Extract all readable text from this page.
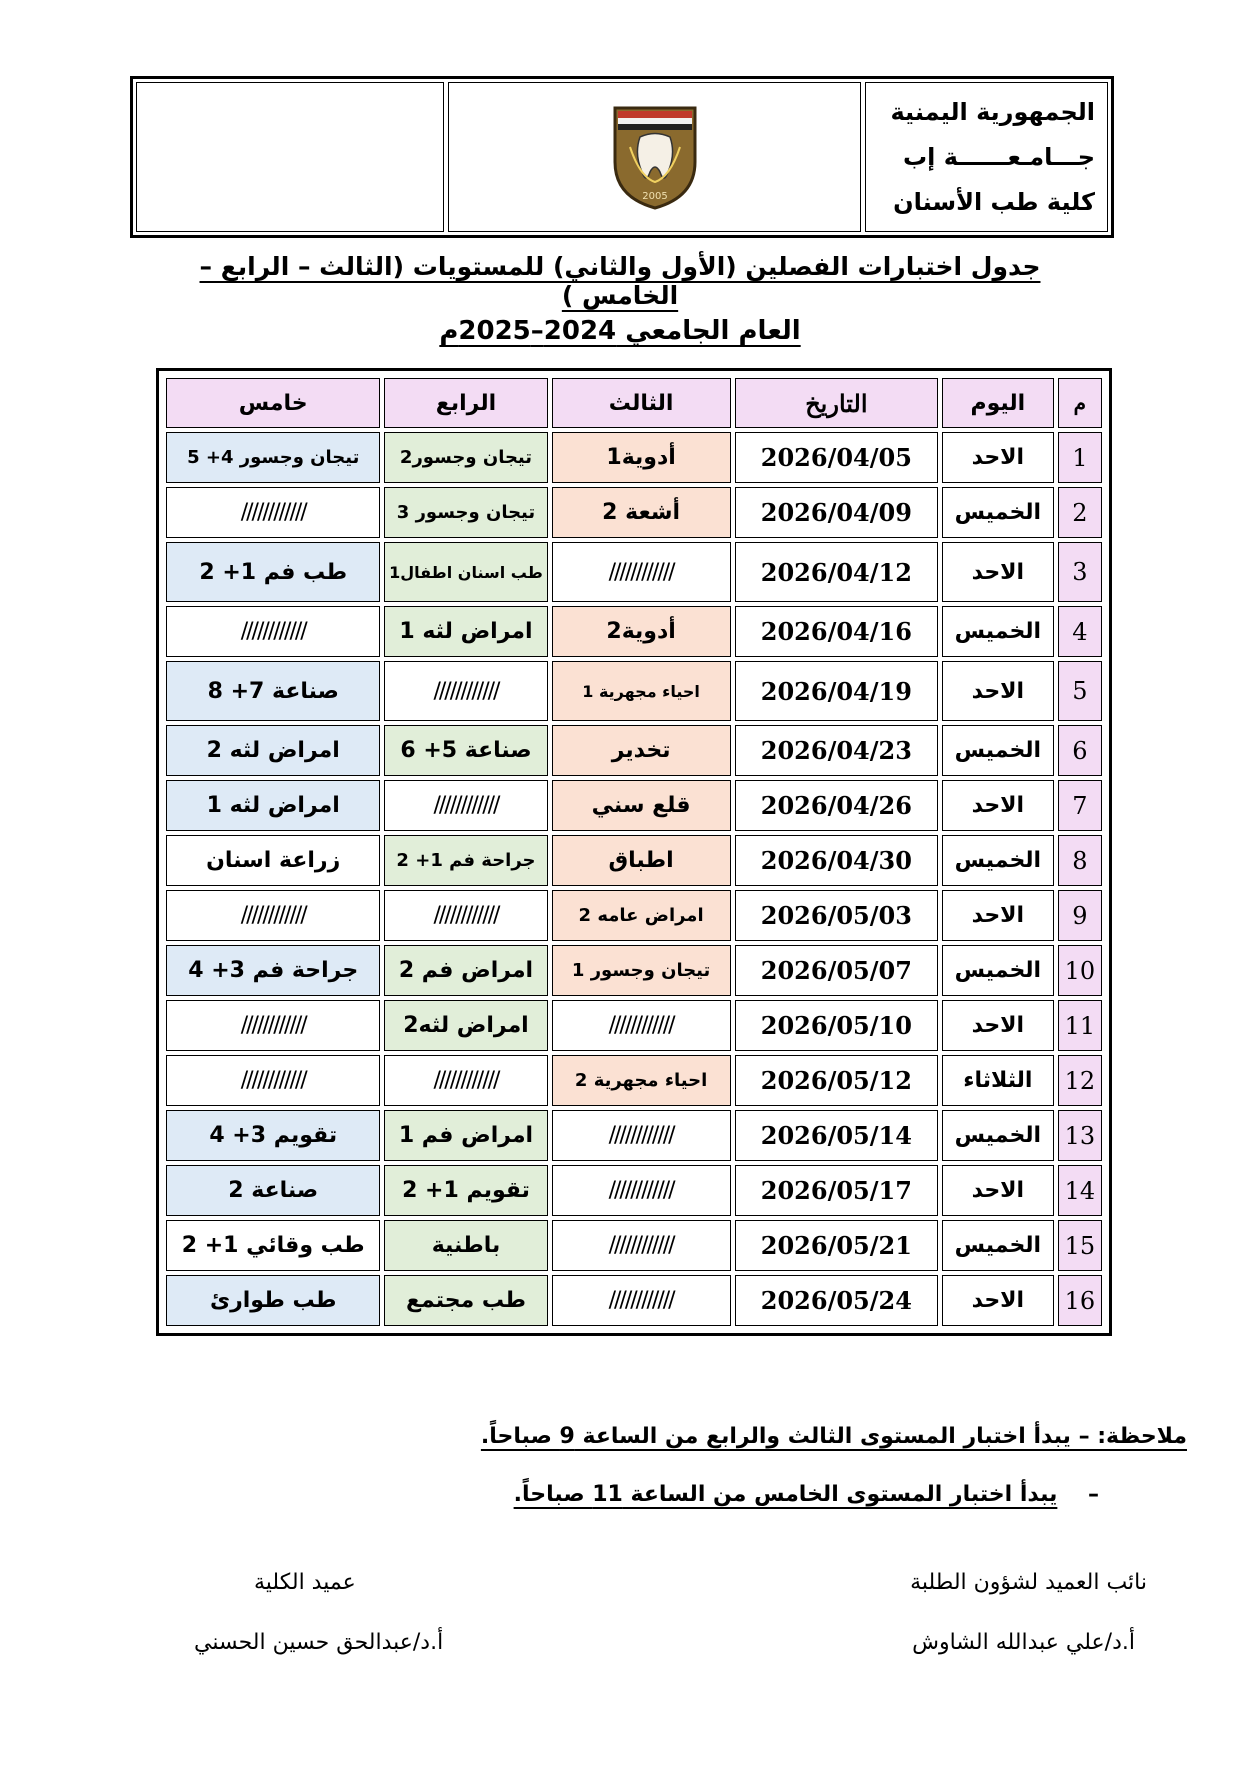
الجمهورية اليمنية
جـــامـعــــــة إب
كلية طب الأسنان
2005
جدول اختبارات الفصلين (الأول والثاني) للمستويات (الثالث – الرابع – الخامس )
العام الجامعي 2024–2025م
م	اليوم	التاريخ	الثالث	الرابع	خامس
1	الاحد	2026/04/05	أدوية1	تيجان وجسور2	تيجان وجسور 4+ 5
2	الخميس	2026/04/09	أشعة 2	تيجان وجسور 3	////////////
3	الاحد	2026/04/12	////////////	طب اسنان اطفال1	طب فم 1+ 2
4	الخميس	2026/04/16	أدوية2	امراض لثه 1	////////////
5	الاحد	2026/04/19	احياء مجهرية 1	////////////	صناعة 7+ 8
6	الخميس	2026/04/23	تخدير	صناعة 5+ 6	امراض لثه 2
7	الاحد	2026/04/26	قلع سني	////////////	امراض لثه 1
8	الخميس	2026/04/30	اطباق	جراحة فم 1+ 2	زراعة اسنان
9	الاحد	2026/05/03	امراض عامه 2	////////////	////////////
10	الخميس	2026/05/07	تيجان وجسور 1	امراض فم 2	جراحة فم 3+ 4
11	الاحد	2026/05/10	////////////	امراض لثه2	////////////
12	الثلاثاء	2026/05/12	احياء مجهرية 2	////////////	////////////
13	الخميس	2026/05/14	////////////	امراض فم 1	تقويم 3+ 4
14	الاحد	2026/05/17	////////////	تقويم 1+ 2	صناعة 2
15	الخميس	2026/05/21	////////////	باطنية	طب وقائي 1+ 2
16	الاحد	2026/05/24	////////////	طب مجتمع	طب طوارئ
ملاحظة: – يبدأ اختبار المستوى الثالث والرابع من الساعة 9 صباحاً.
–    يبدأ اختبار المستوى الخامس من الساعة 11 صباحاً.
نائب العميد لشؤون الطلبة
أ.د/علي عبدالله الشاوش
عميد الكلية
أ.د/عبدالحق حسين الحسني
